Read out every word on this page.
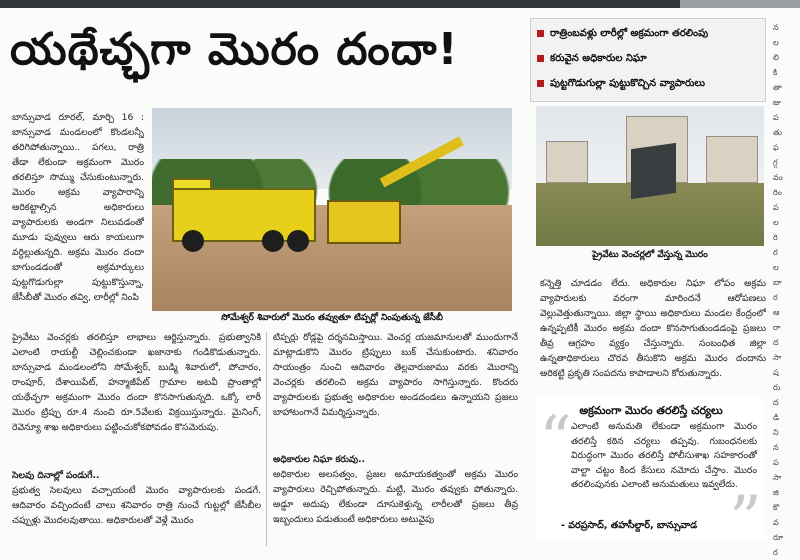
యథేచ్ఛగా మొరం దందా!	రాత్రింబవళ్లు లారీల్లో అక్రమంగా తరలింపు
కరువైన అధికారుల నిఘా
పుట్టగొడుగుల్లా పుట్టుకొచ్చిన వ్యాపారులు

బాన్సువాడ రూరల్, మార్చి 16 : బాన్సువాడ మండలంలో కొండలన్నీ తరిగిపోతున్నాయి.. పగలు, రాత్రి తేడా లేకుండా అక్రమంగా మొరం తరలిస్తూ సొమ్ము చేసుకుంటున్నారు. మొరం అక్రమ వ్యాపారాన్ని అరికట్టాల్సిన అధికారులు వ్యాపారులకు అండగా నిలువడంతో మూడు పువ్వులు ఆరు కాయలుగా వర్ధిల్లుతున్నది. అక్రమ మొరం దందా బాగుండడంతో అక్రమార్కులు పుట్టగొడుగుల్లా పుట్టుకొస్తున్నా, జేసీబీతో మొరం తవ్వి, లారీల్లో నింపి

సోమేశ్వర్ శివారులో మొరం తవ్వుతూ టిప్పర్లో నింపుతున్న జేసీబీ

ప్రైవేటు వెంచర్లకు తరలిస్తూ లాభాలు ఆర్జిస్తున్నారు. ప్రభుత్వానికి ఎలాంటి రాయల్టీ చెల్లించకుండా ఖజానాకు గండికొడుతున్నారు. బాన్సువాడ మండలంలోని సోమేశ్వర్, బుడ్మి శివారులో, పోచారం, రాంపూర్, దేశాయిపేట్, హన్మాజీపేట్ గ్రామాల అటవీ ప్రాంతాల్లో యథేచ్ఛగా అక్రమంగా మొరం దందా కొనసాగుతున్నది. ఒక్కో లారీ మొరం ట్రిప్పు రూ.4 నుంచి రూ.5వేలకు విక్రయిస్తున్నారు. మైనింగ్, రెవెన్యూ శాఖ అధికారులు పట్టించుకోకపోవడం కొసమెరుపు.

సెలవు దినాల్లో పండుగే..

ప్రభుత్వ సెలవులు వచ్చాయంటే మొరం వ్యాపారులకు పండగే. ఆదివారం వచ్చిందంటే చాలు శనివారం రాత్రి నుంచే గుట్టల్లో జేసీబీల చప్పుళ్లు మొదలవుతాయి. అధికారులతో వెళ్లే మొరం

టిప్పర్లు రోడ్లపై దర్శనమిస్తాయి. వెంచర్ల యజమానులతో ముందుగానే మాట్లాడుకొని మొరం ట్రిప్పులు బుక్ చేసుకుంటారు. శనివారం సాయంత్రం నుంచి ఆదివారం తెల్లవారుజాము వరకు మొరాన్ని వెంచర్లకు తరలించి అక్రమ వ్యాపారం సాగిస్తున్నారు. కొందరు వ్యాపారులకు ప్రభుత్వ అధికారుల అండదండలు ఉన్నాయని ప్రజలు బాహాటంగానే విమర్శిస్తున్నారు.

అధికారుల నిఘా కరువు..

అధికారుల అలసత్వం, ప్రజల అమాయకత్వంతో అక్రమ మొరం వ్యాపారులు రెచ్చిపోతున్నారు. మట్టి, మొరం తవ్వుకు పోతున్నారు. అడ్డూ అదుపు లేకుండా దూసుకెళ్తున్న లారీలతో ప్రజలు తీవ్ర ఇబ్బందులు పడుతుంటే అధికారులు అటువైపు

ప్రైవేటు వెంచర్లలో వేస్తున్న మొరం

కన్నెత్తి చూడడం లేదు. అధికారుల నిఘా లోపం అక్రమ వ్యాపారులకు వరంగా మారిందనే ఆరోపణలు వెల్లువెత్తుతున్నాయి. జిల్లా స్థాయి అధికారులు మండల కేంద్రంలో ఉన్నప్పటికీ మొరం అక్రమ దందా కొనసాగుతుండడంపై ప్రజలు తీవ్ర ఆగ్రహం వ్యక్తం చేస్తున్నారు. సంబంధిత జిల్లా ఉన్నతాధికారులు చొరవ తీసుకొని అక్రమ మొరం దందాను అరికట్టి ప్రకృతి సంపదను కాపాడాలని కోరుతున్నారు.

అక్రమంగా మొరం తరలిస్తే చర్యలు
“
”
ఎలాంటి అనుమతి లేకుండా అక్రమంగా మొరం తరలిస్తే కఠిన చర్యలు తప్పవు. గుబంధనలకు విరుద్ధంగా మొరం తరలిస్తే పోలీసుశాఖ సహకారంతో వాల్టా చట్టం కింద కేసులు నమోదు చేస్తాం. మొరం తరలింపునకు ఎలాంటి అనుమతులు ఇవ్వలేదు.
- వరప్రసాద్, తహసీల్దార్, బాన్సువాడ
న
ల
లి
కి
తా
జు
ప
తు
ఫ
గ్గ
వం
రిం
ప
ల
రి
ర
ల
బా
ర
ఆ
రా
ద
సా
ష
రు
ద
డి
ని
న
ప
సా
జి
కొ
వ
రూ
ర
